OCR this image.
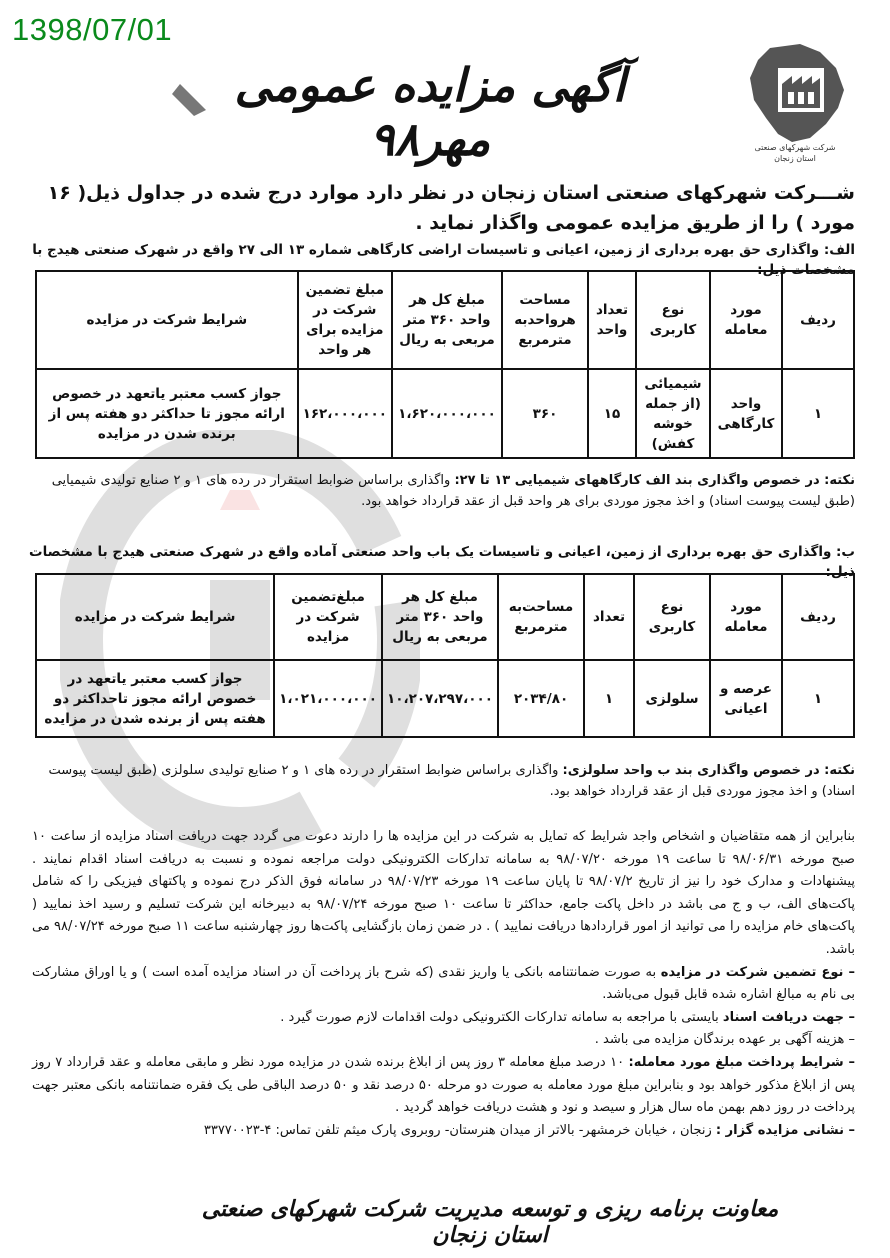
1398/07/01
شرکت شهرکهای صنعتی
استان زنجان
آگهی مزایده عمومی مهر۹۸
شـــرکت شهرکهای صنعتی استان زنجان در نظر دارد موارد درج شده در جداول ذیل( ۱۶ مورد ) را از طریق مزایده عمومی واگذار نماید .
الف: واگذاری حق بهره برداری از زمین، اعیانی و تاسیسات اراضی کارگاهی شماره ۱۳ الی ۲۷ واقع در شهرک صنعتی هیدج با مشخصات ذیل:
ردیف	مورد معامله	نوع کاربری	تعداد واحد	مساحت هرواحدبه مترمربع	مبلغ کل هر واحد ۳۶۰ متر مربعی به ریال	مبلغ تضمین شرکت در مزایده برای هر واحد	شرایط شرکت در مزایده
۱	واحد کارگاهی	شیمیائی (از جمله خوشه کفش)	۱۵	۳۶۰	۱،۶۲۰،۰۰۰،۰۰۰	۱۶۲،۰۰۰،۰۰۰	جواز کسب معتبر یاتعهد در خصوص ارائه مجوز تا حداکثر دو هفته پس از برنده شدن در مزایده
نکته: در خصوص واگذاری بند الف کارگاههای شیمیایی ۱۳ تا ۲۷: واگذاری براساس ضوابط استقرار در رده های ۱ و ۲ صنایع تولیدی شیمیایی (طبق لیست پیوست اسناد) و اخذ مجوز موردی برای هر واحد قبل از عقد قرارداد خواهد بود.
ب: واگذاری حق بهره برداری از زمین، اعیانی و تاسیسات یک باب واحد صنعتی آماده واقع در شهرک صنعتی هیدج با مشخصات ذیل:
ردیف	مورد معامله	نوع کاربری	تعداد	مساحت‌به مترمربع	مبلغ کل هر واحد ۳۶۰ متر مربعی به ریال	مبلغ‌تضمین شرکت در مزایده	شرایط شرکت در مزایده
۱	عرصه و اعیانی	سلولزی	۱	۲۰۳۴/۸۰	۱۰،۲۰۷،۲۹۷،۰۰۰	۱،۰۲۱،۰۰۰،۰۰۰	جواز کسب معتبر یاتعهد در خصوص ارائه مجوز تاحداکثر دو هفته پس از برنده شدن در مزایده
نکته: در خصوص واگذاری بند ب واحد سلولزی: واگذاری براساس ضوابط استقرار در رده های ۱ و ۲ صنایع تولیدی سلولزی (طبق لیست پیوست اسناد) و اخذ مجوز موردی قبل از عقد قرارداد خواهد بود.

بنابراین از همه متقاضیان و اشخاص واجد شرایط که تمایل به شرکت در این مزایده ها را دارند دعوت می گردد جهت دریافت اسناد مزایده از ساعت ۱۰ صبح مورخه ۹۸/۰۶/۳۱ تا ساعت ۱۹ مورخه ۹۸/۰۷/۲۰ به سامانه تدارکات الکترونیکی دولت مراجعه نموده و نسبت به دریافت اسناد اقدام نمایند . پیشنهادات و مدارک خود را نیز از تاریخ ۹۸/۰۷/۲ تا پایان ساعت ۱۹ مورخه ۹۸/۰۷/۲۳ در سامانه فوق الذکر درج نموده و پاکتهای فیزیکی را که شامل پاکت‌های الف، ب و ج می باشد در داخل پاکت جامع، حداکثر تا ساعت ۱۰ صبح مورخه ۹۸/۰۷/۲۴ به دبیرخانه این شرکت تسلیم و رسید اخذ نمایید ( پاکت‌های خام مزایده را می توانید از امور قراردادها دریافت نمایید ) . در ضمن زمان بازگشایی پاکت‌ها روز چهارشنبه ساعت ۱۱ صبح مورخه ۹۸/۰۷/۲۴ می باشد.

– نوع تضمین شرکت در مزایده به صورت ضمانتنامه بانکی یا واریز نقدی (که شرح باز پرداخت آن در اسناد مزایده آمده است ) و یا اوراق مشارکت بی نام به مبالغ اشاره شده قابل قبول می‌باشد.

– جهت دریافت اسناد بایستی با مراجعه به سامانه تدارکات الکترونیکی دولت اقدامات لازم صورت گیرد .

– هزینه آگهی بر عهده برندگان مزایده می باشد .

– شرایط پرداخت مبلغ مورد معامله: ۱۰ درصد مبلغ معامله ۳ روز پس از ابلاغ برنده شدن در مزایده مورد نظر و مابقی معامله و عقد قرارداد ۷ روز پس از ابلاغ مذکور خواهد بود و بنابراین مبلغ مورد معامله به صورت دو مرحله ۵۰ درصد نقد و ۵۰ درصد الباقی طی یک فقره ضمانتنامه بانکی معتبر جهت پرداخت در روز دهم بهمن ماه سال هزار و سیصد و نود و هشت دریافت خواهد گردید .

– نشانی مزایده گزار : زنجان ، خیابان خرمشهر- بالاتر از میدان هنرستان- روبروی پارک میثم تلفن تماس: ۴-۳۳۷۷۰۰۲۳

معاونت برنامه ریزی و توسعه مدیریت شرکت شهرکهای صنعتی استان زنجان
